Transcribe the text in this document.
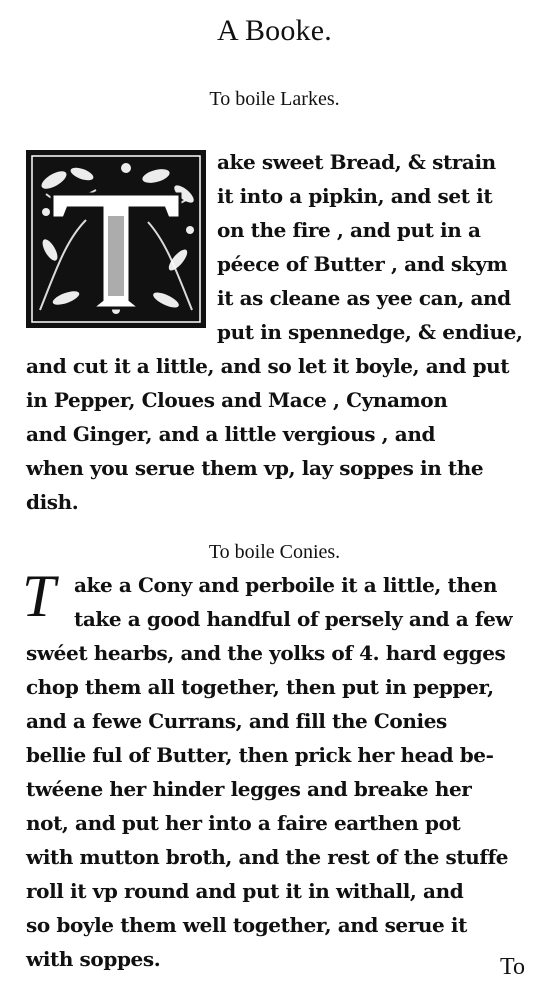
A Booke.
To boile Larkes.
ake sweet Bread, & strain
it into a pipkin, and set it
on the fire , and put in a
péece of Butter , and skym
it as cleane as yee can, and
put in spennedge, & endiue,
and cut it a little, and so let it boyle, and put
in Pepper, Cloues and Mace , Cynamon
and Ginger, and a little vergious , and
when you serue them vp, lay soppes in the
dish.
To boile Conies.
T ake a Cony and perboile it a little, then
take a good handful of persely and a few
swéet hearbs, and the yolks of 4. hard egges
chop them all together, then put in pepper,
and a fewe Currans, and fill the Conies
bellie ful of Butter, then prick her head be-
twéene her hinder legges and breake her
not, and put her into a faire earthen pot
with mutton broth, and the rest of the stuffe
roll it vp round and put it in withall, and
so boyle them well together, and serue it
with soppes.	To
